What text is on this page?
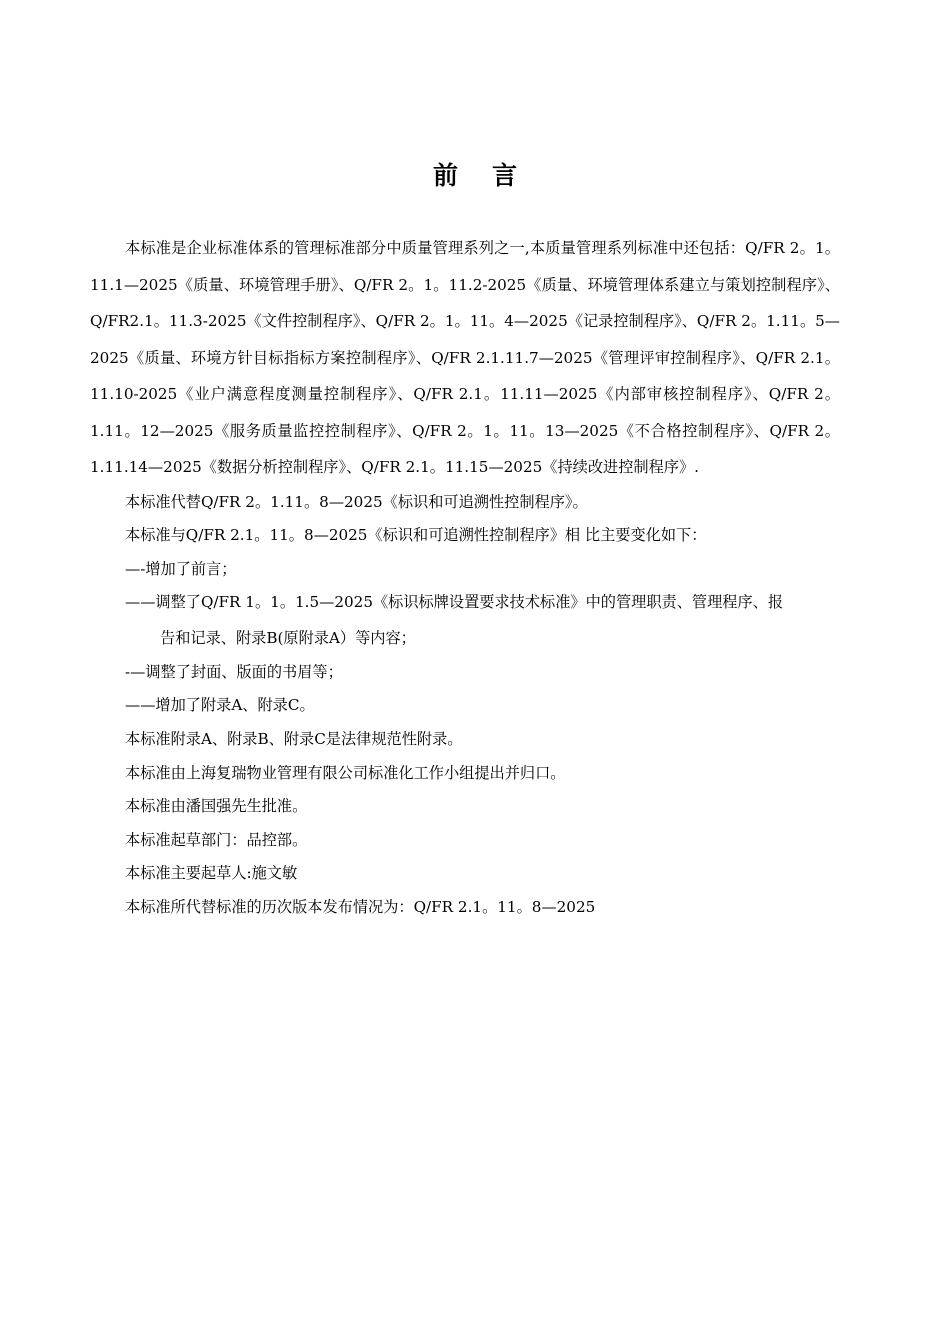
前言

本标准是企业标准体系的管理标准部分中质量管理系列之一,本质量管理系列标准中还包括：Q/FR 2。1。11.1—2025《质量、环境管理手册》、Q/FR 2。1。11.2-2025《质量、环境管理体系建立与策划控制程序》、Q/FR2.1。11.3-2025《文件控制程序》、Q/FR 2。1。11。4—2025《记录控制程序》、Q/FR 2。1.11。5—2025《质量、环境方针目标指标方案控制程序》、Q/FR 2.1.11.7—2025《管理评审控制程序》、Q/FR 2.1。11.10-2025《业户满意程度测量控制程序》、Q/FR 2.1。11.11—2025《内部审核控制程序》、Q/FR 2。1.11。12—2025《服务质量监控控制程序》、Q/FR 2。1。11。13—2025《不合格控制程序》、Q/FR 2。1.11.14—2025《数据分析控制程序》、Q/FR 2.1。11.15—2025《持续改进控制程序》.

本标准代替Q/FR 2。1.11。8—2025《标识和可追溯性控制程序》。

本标准与Q/FR 2.1。11。8—2025《标识和可追溯性控制程序》相 比主要变化如下：

—-增加了前言；

——调整了Q/FR 1。1。1.5—2025《标识标牌设置要求技术标准》中的管理职责、管理程序、报

告和记录、附录B(原附录A）等内容；

-—调整了封面、版面的书眉等；

——增加了附录A、附录C。

本标准附录A、附录B、附录C是法律规范性附录。

本标准由上海复瑞物业管理有限公司标准化工作小组提出并归口。

本标准由潘国强先生批准。

本标准起草部门：品控部。

本标准主要起草人:施文敏

本标准所代替标准的历次版本发布情况为：Q/FR 2.1。11。8—2025
